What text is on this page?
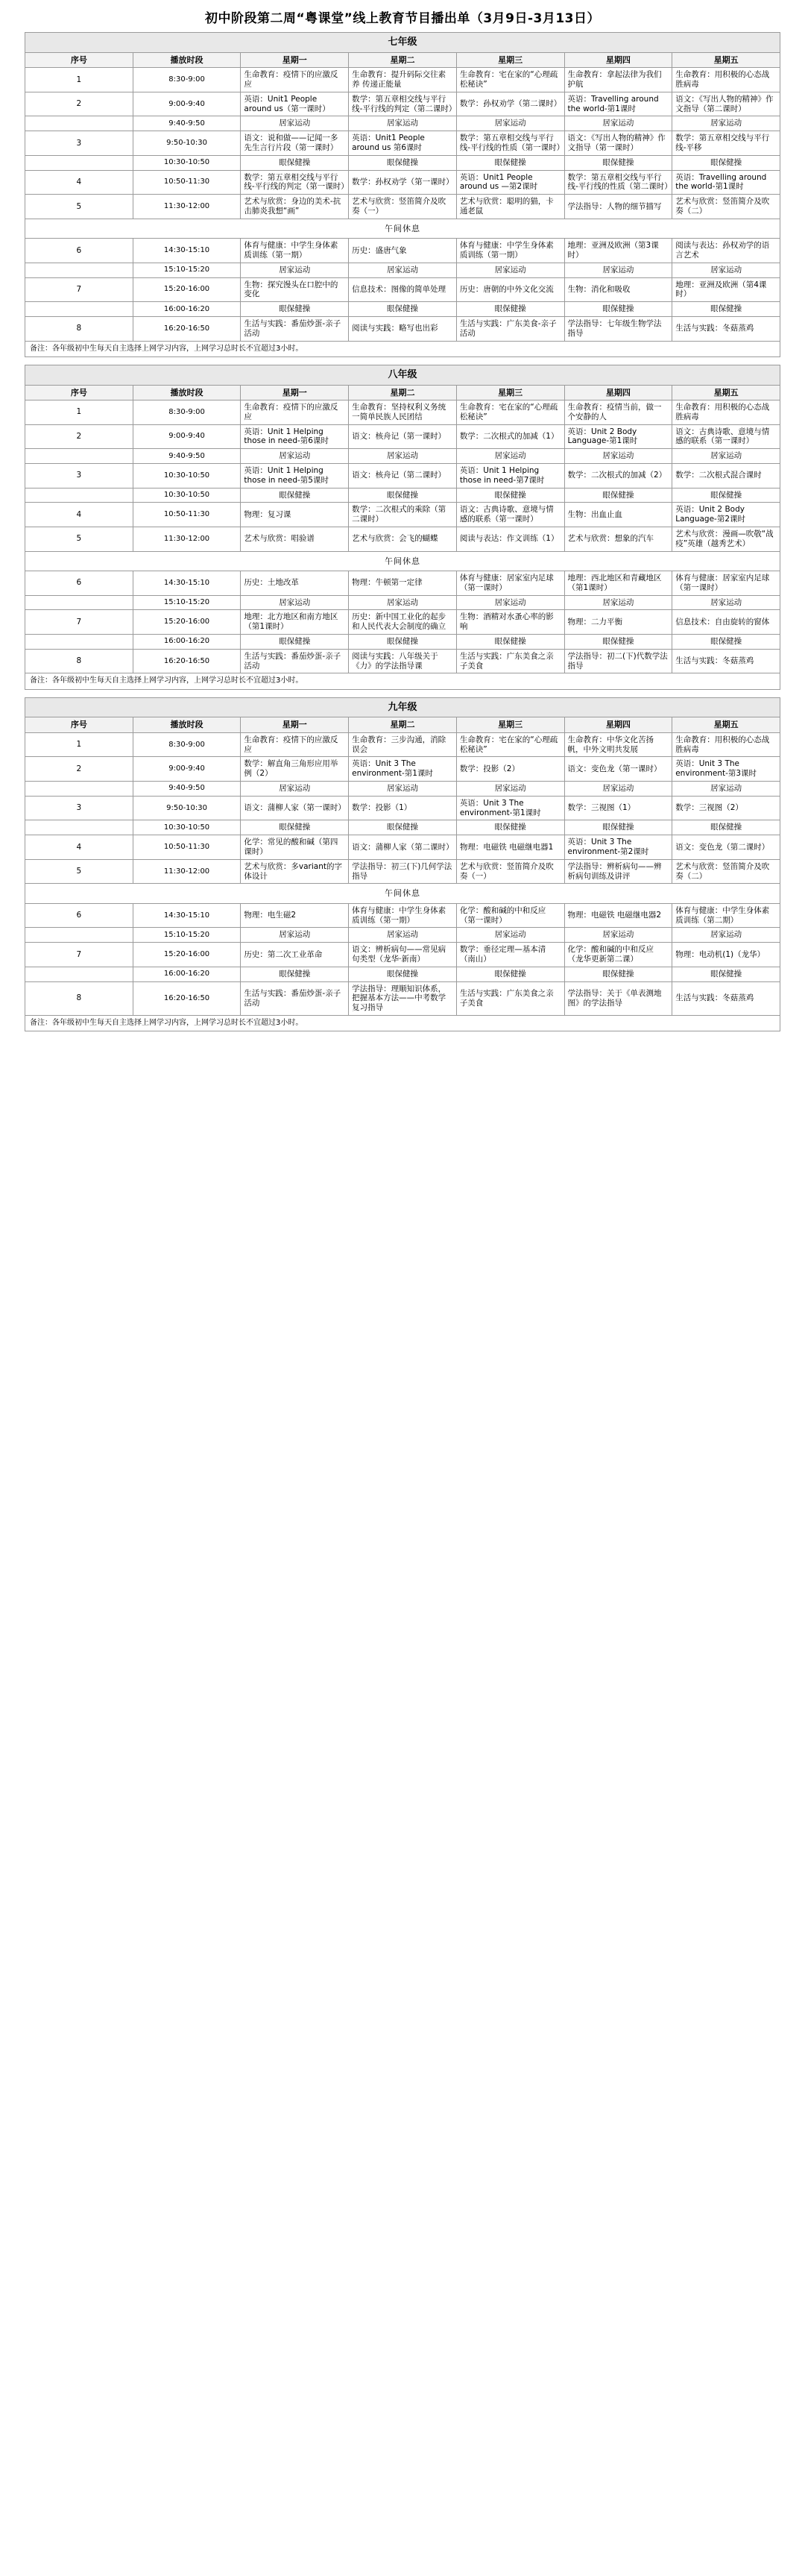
初中阶段第二周“粤课堂”线上教育节目播出单（3月9日-3月13日）
七年级						
序号	播放时段	星期一	星期二	星期三	星期四	星期五
1	8:30-9:00	生命教育：疫情下的应激反应	生命教育：提升码际交往素养 传递正能量	生命教育：宅在家的“心理疏松秘诀”	生命教育：拿起法律为我们护航	生命教育：用积极的心态战胜病毒
2	9:00-9:40	英语：Unit1 People around us（第一课时）	数学：第五章相交线与平行线-平行线的判定（第二课时）	数学：孙权劝学（第二课时）	英语：Travelling around the world-第1课时	语文：《写出人物的精神》作文指导（第二课时）
	9:40-9:50	居家运动	居家运动	居家运动	居家运动	居家运动
3	9:50-10:30	语文：说和做——记闻一多先生言行片段（第一课时）	英语：Unit1 People around us 第6课时	数学：第五章相交线与平行线-平行线的性质（第一课时）	语文：《写出人物的精神》作文指导（第一课时）	数学：第五章相交线与平行线-平移
	10:30-10:50	眼保健操	眼保健操	眼保健操	眼保健操	眼保健操
4	10:50-11:30	数学：第五章相交线与平行线-平行线的判定（第一课时）	数学：孙权劝学（第一课时）	英语：Unit1 People around us —第2课时	数学：第五章相交线与平行线-平行线的性质（第二课时）	英语：Travelling around the world-第1课时
5	11:30-12:00	艺术与欣赏：身边的美术-抗击肺炎我想“画”	艺术与欣赏：竖笛简介及吹奏（一）	艺术与欣赏：聪明的猫，卡通老鼠	学法指导：人物的细节描写	艺术与欣赏：竖笛简介及吹奏（二）
午间休息						
6	14:30-15:10	体育与健康：中学生身体素质训练（第一期）	历史：盛唐气象	体育与健康：中学生身体素质训练（第一期）	地理：亚洲及欧洲（第3课时）	阅读与表达：孙权劝学的语言艺术
	15:10-15:20	居家运动	居家运动	居家运动	居家运动	居家运动
7	15:20-16:00	生物：探究馒头在口腔中的变化	信息技术：图像的简单处理	历史：唐朝的中外文化交流	生物：消化和吸收	地理：亚洲及欧洲（第4课时）
	16:00-16:20	眼保健操	眼保健操	眼保健操	眼保健操	眼保健操
8	16:20-16:50	生活与实践：番茄炒蛋-亲子活动	阅读与实践：略写也出彩	生活与实践：广东美食-亲子活动	学法指导：七年级生物学法指导	生活与实践：冬菇蒸鸡
备注：各年级初中生每天自主选择上网学习内容，上网学习总时长不宜超过3小时。						
八年级						
序号	播放时段	星期一	星期二	星期三	星期四	星期五
1	8:30-9:00	生命教育：疫情下的应激反应	生命教育：坚持权利义务统一简单民族人民团结	生命教育：宅在家的“心理疏松秘诀”	生命教育：疫情当前，做一个安静的人	生命教育：用积极的心态战胜病毒
2	9:00-9:40	英语：Unit 1 Helping those in need-第6课时	语文：核舟记（第一课时）	数学：二次根式的加减（1）	英语：Unit 2 Body Language-第1课时	语文：古典诗歌、意境与情感的联系（第一课时）
	9:40-9:50	居家运动	居家运动	居家运动	居家运动	居家运动
3	10:30-10:50	英语：Unit 1 Helping those in need-第5课时	语文：核舟记（第二课时）	英语：Unit 1 Helping those in need-第7课时	数学：二次根式的加减（2）	数学：二次根式混合课时
	10:30-10:50	眼保健操	眼保健操	眼保健操	眼保健操	眼保健操
4	10:50-11:30	物理：复习课	数学：二次根式的乘除（第二课时）	语文：古典诗歌、意境与情感的联系（第一课时）	生物：出血止血	英语：Unit 2 Body Language-第2课时
5	11:30-12:00	艺术与欣赏：唱验谱	艺术与欣赏：会飞的蝴蝶	阅读与表达：作文训练（1）	艺术与欣赏：想象的汽车	艺术与欣赏：漫画—吹敬“战疫”英雄（越秀艺术）
午间休息						
6	14:30-15:10	历史：土地改革	物理：牛顿第一定律	体育与健康：居家室内足球（第一课时）	地理：西北地区和青藏地区（第1课时）	体育与健康：居家室内足球（第一课时）
	15:10-15:20	居家运动	居家运动	居家运动	居家运动	居家运动
7	15:20-16:00	地理：北方地区和南方地区（第1课时）	历史：新中国工业化的起步和人民代表大会制度的确立	生物：酒精对水蚤心率的影响	物理：二力平衡	信息技术：自由旋转的窗体
	16:00-16:20	眼保健操	眼保健操	眼保健操	眼保健操	眼保健操
8	16:20-16:50	生活与实践：番茄炒蛋-亲子活动	阅读与实践：八年级关于《力》的学法指导课	生活与实践：广东美食之亲子美食	学法指导：初二(下)代数学法指导	生活与实践：冬菇蒸鸡
备注：各年级初中生每天自主选择上网学习内容，上网学习总时长不宜超过3小时。						
九年级						
序号	播放时段	星期一	星期二	星期三	星期四	星期五
1	8:30-9:00	生命教育：疫情下的应激反应	生命教育：三步沟通，消除误会	生命教育：宅在家的“心理疏松秘诀”	生命教育：中华文化苦扬帆，中外文明共发展	生命教育：用积极的心态战胜病毒
2	9:00-9:40	数学：解直角三角形应用举例（2）	英语：Unit 3 The environment-第1课时	数学：投影（2）	语文：变色龙（第一课时）	英语：Unit 3 The environment-第3课时
	9:40-9:50	居家运动	居家运动	居家运动	居家运动	居家运动
3	9:50-10:30	语文：蒲柳人家（第一课时）	数学：投影（1）	英语：Unit 3 The environment-第1课时	数学：三视图（1）	数学：三视图（2）
	10:30-10:50	眼保健操	眼保健操	眼保健操	眼保健操	眼保健操
4	10:50-11:30	化学：常见的酸和碱（第四课时）	语文：蒲柳人家（第二课时）	物理：电磁铁 电磁继电器1	英语：Unit 3 The environment-第2课时	语文：变色龙（第二课时）
5	11:30-12:00	艺术与欣赏：多variant的字体设计	学法指导：初三(下)几何学法指导	艺术与欣赏：竖笛简介及吹奏（一）	学法指导：辨析病句——辨析病句训练及讲评	艺术与欣赏：竖笛简介及吹奏（二）
午间休息						
6	14:30-15:10	物理：电生磁2	体育与健康：中学生身体素质训练（第一期）	化学：酸和碱的中和反应（第一课时）	物理：电磁铁 电磁继电器2	体育与健康：中学生身体素质训练（第二期）
	15:10-15:20	居家运动	居家运动	居家运动	居家运动	居家运动
7	15:20-16:00	历史：第二次工业革命	语文：辨析病句——常见病句类型（龙华·新南）	数学：垂径定理—基本清（南山）	化学：酸和碱的中和反应（龙华更新第二课）	物理：电动机(1)（龙华）
	16:00-16:20	眼保健操	眼保健操	眼保健操	眼保健操	眼保健操
8	16:20-16:50	生活与实践：番茄炒蛋-亲子活动	学法指导：理顺知识体系，把握基本方法——中考数学复习指导	生活与实践：广东美食之亲子美食	学法指导：关于《单表测地图》的学法指导	生活与实践：冬菇蒸鸡
备注：各年级初中生每天自主选择上网学习内容，上网学习总时长不宜超过3小时。						
